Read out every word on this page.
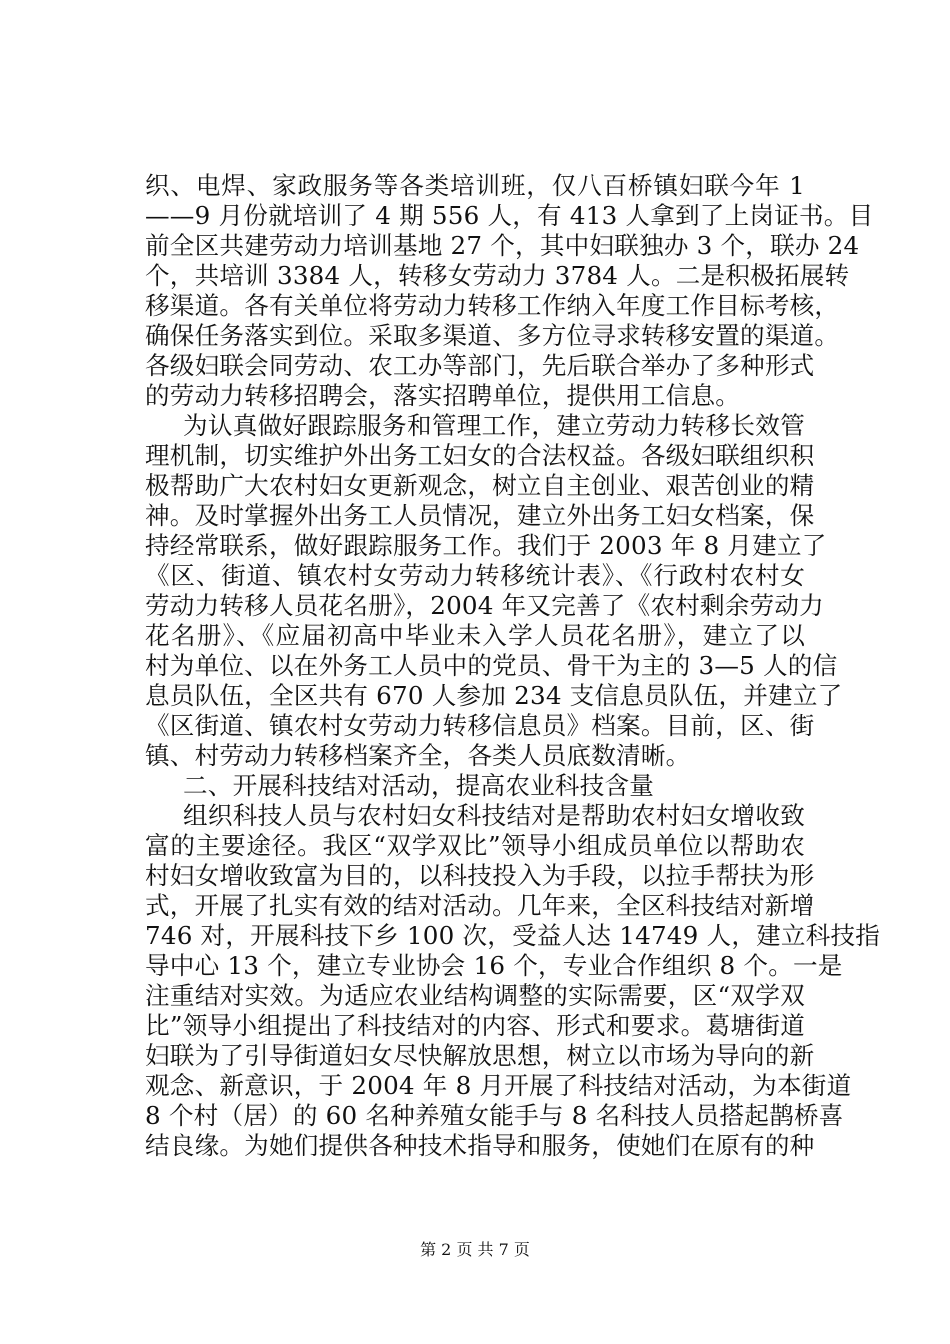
织、电焊、家政服务等各类培训班，仅八百桥镇妇联今年 1
——9 月份就培训了 4 期 556 人，有 413 人拿到了上岗证书。目
前全区共建劳动力培训基地 27 个，其中妇联独办 3 个，联办 24
个，共培训 3384 人，转移女劳动力 3784 人。二是积极拓展转
移渠道。各有关单位将劳动力转移工作纳入年度工作目标考核，
确保任务落实到位。采取多渠道、多方位寻求转移安置的渠道。
各级妇联会同劳动、农工办等部门，先后联合举办了多种形式
的劳动力转移招聘会，落实招聘单位，提供用工信息。
为认真做好跟踪服务和管理工作，建立劳动力转移长效管
理机制，切实维护外出务工妇女的合法权益。各级妇联组织积
极帮助广大农村妇女更新观念，树立自主创业、艰苦创业的精
神。及时掌握外出务工人员情况，建立外出务工妇女档案，保
持经常联系，做好跟踪服务工作。我们于 2003 年 8 月建立了
《区、街道、镇农村女劳动力转移统计表》、《行政村农村女
劳动力转移人员花名册》，2004 年又完善了《农村剩余劳动力
花名册》、《应届初高中毕业未入学人员花名册》，建立了以
村为单位、以在外务工人员中的党员、骨干为主的 3—5 人的信
息员队伍，全区共有 670 人参加 234 支信息员队伍，并建立了
《区街道、镇农村女劳动力转移信息员》档案。目前，区、街
镇、村劳动力转移档案齐全，各类人员底数清晰。
二、开展科技结对活动，提高农业科技含量
组织科技人员与农村妇女科技结对是帮助农村妇女增收致
富的主要途径。我区“双学双比”领导小组成员单位以帮助农
村妇女增收致富为目的，以科技投入为手段，以拉手帮扶为形
式，开展了扎实有效的结对活动。几年来，全区科技结对新增
746 对，开展科技下乡 100 次，受益人达 14749 人，建立科技指
导中心 13 个，建立专业协会 16 个，专业合作组织 8 个。一是
注重结对实效。为适应农业结构调整的实际需要，区“双学双
比”领导小组提出了科技结对的内容、形式和要求。葛塘街道
妇联为了引导街道妇女尽快解放思想，树立以市场为导向的新
观念、新意识，于 2004 年 8 月开展了科技结对活动，为本街道
8 个村（居）的 60 名种养殖女能手与 8 名科技人员搭起鹊桥喜
结良缘。为她们提供各种技术指导和服务，使她们在原有的种
第 2 页 共 7 页
